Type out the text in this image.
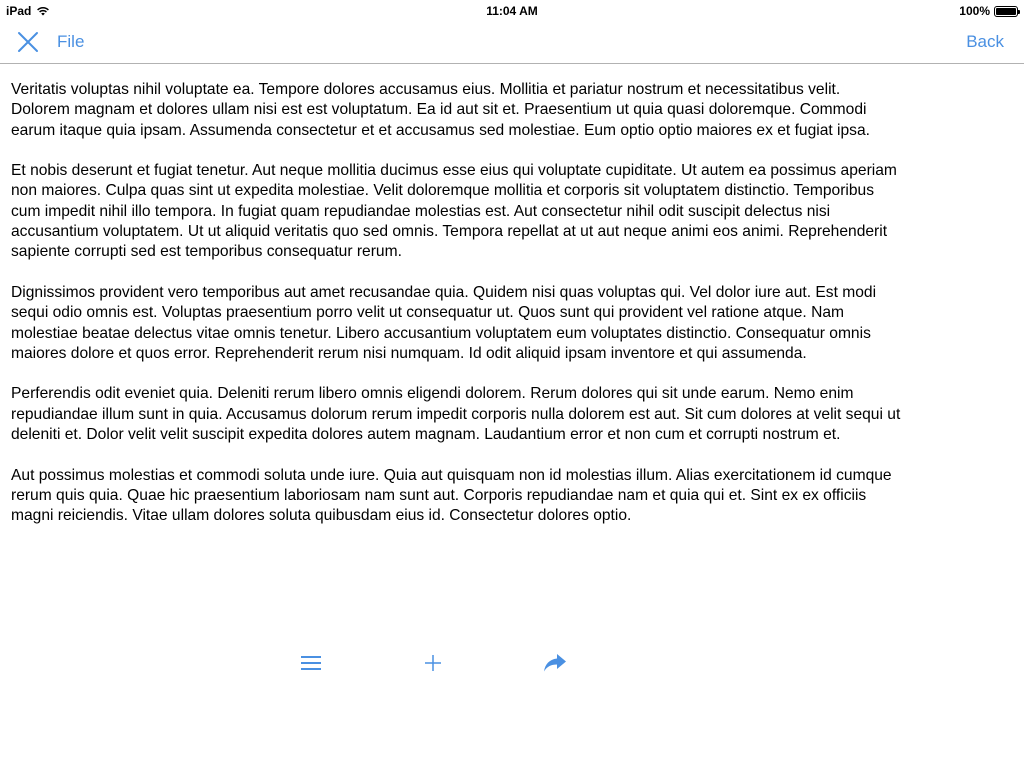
iPad	11:04 AM	100%
File	Back

Veritatis voluptas nihil voluptate ea. Tempore dolores accusamus eius. Mollitia et pariatur nostrum et necessitatibus velit. Dolorem magnam et dolores ullam nisi est est voluptatum. Ea id aut sit et. Praesentium ut quia quasi doloremque. Commodi earum itaque quia ipsam. Assumenda consectetur et et accusamus sed molestiae. Eum optio optio maiores ex et fugiat ipsa.

Et nobis deserunt et fugiat tenetur. Aut neque mollitia ducimus esse eius qui voluptate cupiditate. Ut autem ea possimus aperiam non maiores. Culpa quas sint ut expedita molestiae. Velit doloremque mollitia et corporis sit voluptatem distinctio. Temporibus cum impedit nihil illo tempora. In fugiat quam repudiandae molestias est. Aut consectetur nihil odit suscipit delectus nisi accusantium voluptatem. Ut ut aliquid veritatis quo sed omnis. Tempora repellat at ut aut neque animi eos animi. Reprehenderit sapiente corrupti sed est temporibus consequatur rerum.

Dignissimos provident vero temporibus aut amet recusandae quia. Quidem nisi quas voluptas qui. Vel dolor iure aut. Est modi sequi odio omnis est. Voluptas praesentium porro velit ut consequatur ut. Quos sunt qui provident vel ratione atque. Nam molestiae beatae delectus vitae omnis tenetur. Libero accusantium voluptatem eum voluptates distinctio. Consequatur omnis maiores dolore et quos error. Reprehenderit rerum nisi numquam. Id odit aliquid ipsam inventore et qui assumenda.

Perferendis odit eveniet quia. Deleniti rerum libero omnis eligendi dolorem. Rerum dolores qui sit unde earum. Nemo enim repudiandae illum sunt in quia. Accusamus dolorum rerum impedit corporis nulla dolorem est aut. Sit cum dolores at velit sequi ut deleniti et. Dolor velit velit suscipit expedita dolores autem magnam. Laudantium error et non cum et corrupti nostrum et.

Aut possimus molestias et commodi soluta unde iure. Quia aut quisquam non id molestias illum. Alias exercitationem id cumque rerum quis quia. Quae hic praesentium laboriosam nam sunt aut. Corporis repudiandae nam et quia qui et. Sint ex ex officiis magni reiciendis. Vitae ullam dolores soluta quibusdam eius id. Consectetur dolores optio.
